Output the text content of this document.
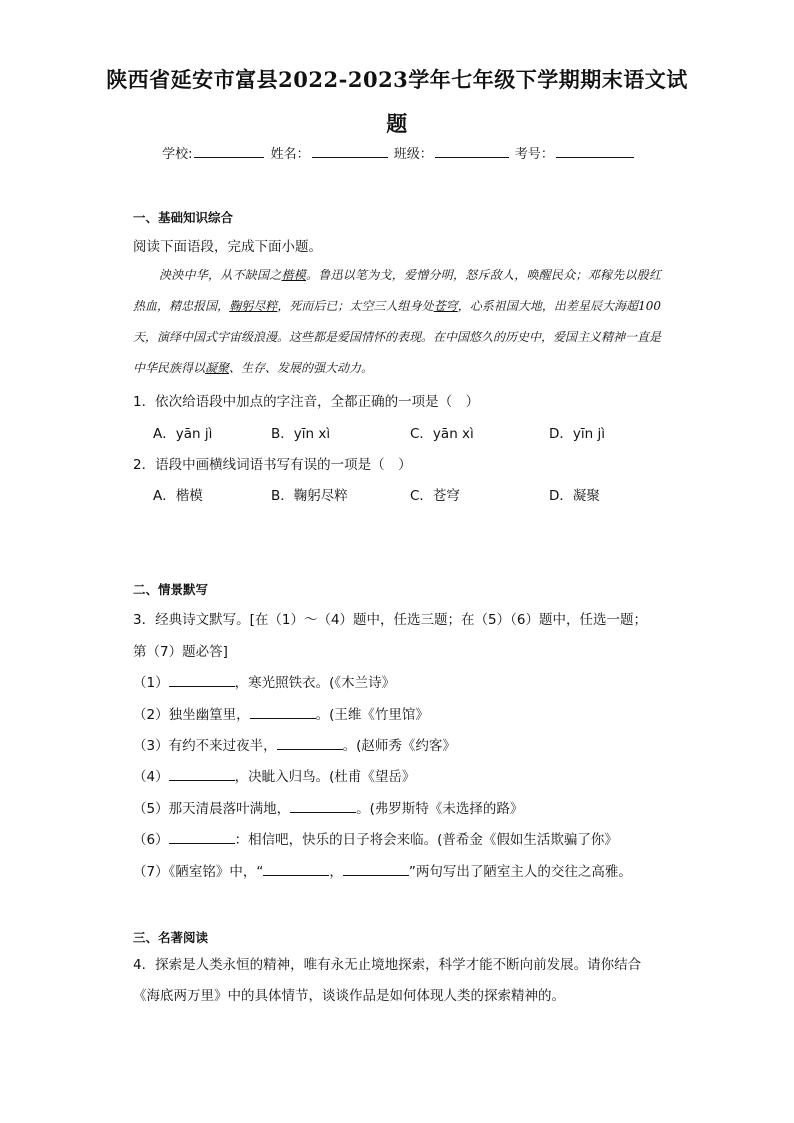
陕西省延安市富县2022-2023学年七年级下学期期末语文试
题
学校:	姓名：	班级：	考号：
一、基础知识综合
阅读下面语段，完成下面小题。
泱泱中华，从不缺国之楷模。鲁迅以笔为戈，爱憎分明，怒斥敌人，唤醒民众；邓稼先以殷红热血，精忠报国，鞠躬尽粹，死而后已；太空三人组身处苍穹，心系祖国大地，出差星辰大海超100天，演绎中国式宇宙级浪漫。这些都是爱国情怀的表现。在中国悠久的历史中，爱国主义精神一直是中华民族得以凝聚、生存、发展的强大动力。
1．依次给语段中加点的字注音，全都正确的一项是（　）
A．yān jì	B．yīn xì	C．yān xì	D．yīn jì
2．语段中画横线词语书写有误的一项是（　）
A．楷模	B．鞠躬尽粹	C．苍穹	D．凝聚
二、情景默写
3．经典诗文默写。[在（1）～（4）题中，任选三题；在（5）（6）题中，任选一题；
第（7）题必答]
（1）	，寒光照铁衣。(《木兰诗》
（2）独坐幽篁里，	。(王维《竹里馆》
（3）有约不来过夜半，	。(赵师秀《约客》
（4）	，决眦入归鸟。(杜甫《望岳》
（5）那天清晨落叶满地，	。(弗罗斯特《未选择的路》
（6）	：相信吧，快乐的日子将会来临。(普希金《假如生活欺骗了你》
（7）《陋室铭》中，“	，	”两句写出了陋室主人的交往之高雅。
三、名著阅读
4．探索是人类永恒的精神，唯有永无止境地探索，科学才能不断向前发展。请你结合
《海底两万里》中的具体情节，谈谈作品是如何体现人类的探索精神的。
